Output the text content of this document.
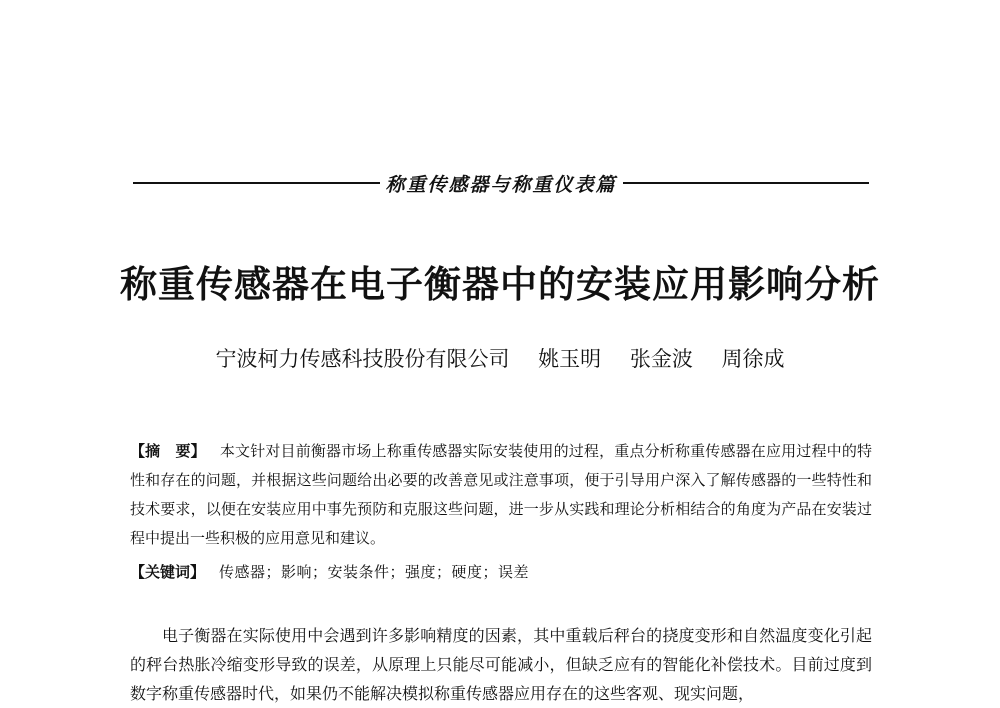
称重传感器与称重仪表篇
称重传感器在电子衡器中的安装应用影响分析
宁波柯力传感科技股份有限公司 姚玉明 张金波 周徐成

【摘　要】 本文针对目前衡器市场上称重传感器实际安装使用的过程，重点分析称重传感器在应用过程中的特性和存在的问题，并根据这些问题给出必要的改善意见或注意事项，便于引导用户深入了解传感器的一些特性和技术要求，以便在安装应用中事先预防和克服这些问题，进一步从实践和理论分析相结合的角度为产品在安装过程中提出一些积极的应用意见和建议。

【关键词】 传感器；影响；安装条件；强度；硬度；误差

电子衡器在实际使用中会遇到许多影响精度的因素，其中重载后秤台的挠度变形和自然温度变化引起的秤台热胀冷缩变形导致的误差，从原理上只能尽可能减小，但缺乏应有的智能化补偿技术。目前过度到数字称重传感器时代，如果仍不能解决模拟称重传感器应用存在的这些客观、现实问题，
